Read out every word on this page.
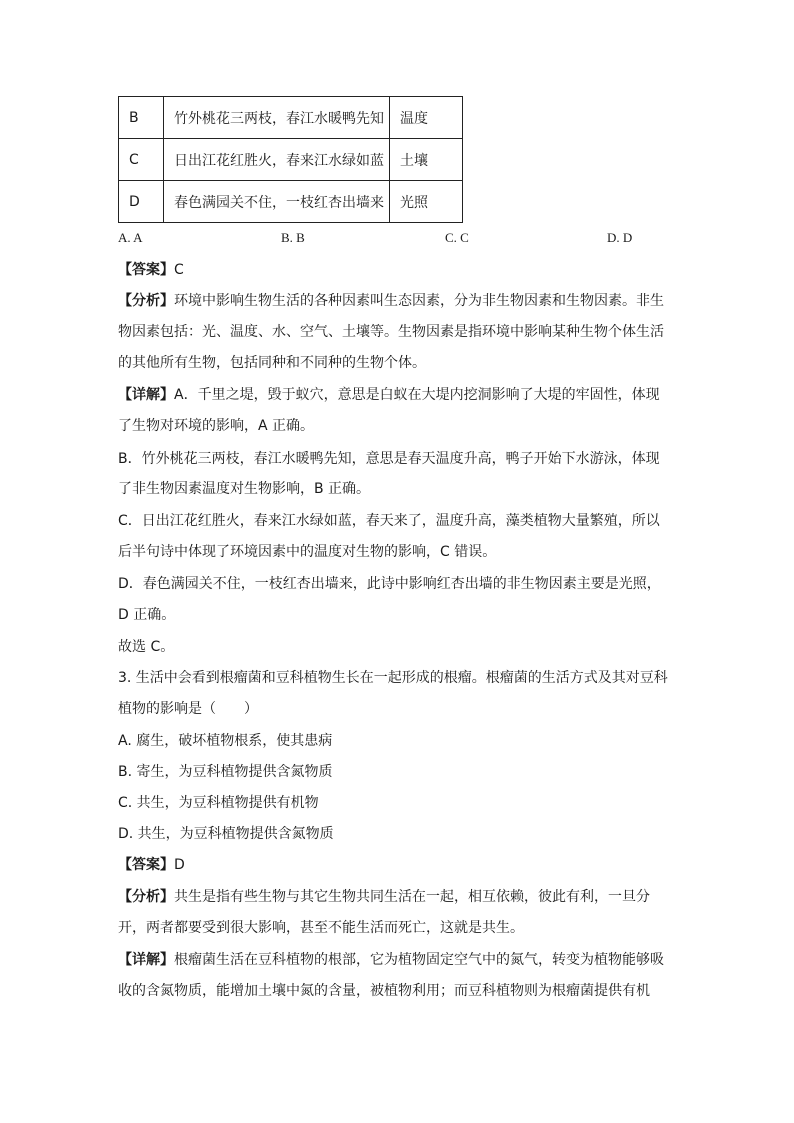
B	竹外桃花三两枝，春江水暖鸭先知	温度
C	日出江花红胜火，春来江水绿如蓝	土壤
D	春色满园关不住，一枝红杏出墙来	光照
A. A	B. B	C. C	D. D
【答案】C
【分析】环境中影响生物生活的各种因素叫生态因素，分为非生物因素和生物因素。非生
物因素包括：光、温度、水、空气、土壤等。生物因素是指环境中影响某种生物个体生活
的其他所有生物，包括同种和不同种的生物个体。
【详解】A．千里之堤，毁于蚁穴，意思是白蚁在大堤内挖洞影响了大堤的牢固性，体现
了生物对环境的影响，A 正确。
B．竹外桃花三两枝，春江水暖鸭先知，意思是春天温度升高，鸭子开始下水游泳，体现
了非生物因素温度对生物影响，B 正确。
C．日出江花红胜火，春来江水绿如蓝，春天来了，温度升高，藻类植物大量繁殖，所以
后半句诗中体现了环境因素中的温度对生物的影响，C 错误。
D．春色满园关不住，一枝红杏出墙来，此诗中影响红杏出墙的非生物因素主要是光照，
D 正确。
故选 C。
3. 生活中会看到根瘤菌和豆科植物生长在一起形成的根瘤。根瘤菌的生活方式及其对豆科
植物的影响是（　　）
A. 腐生，破坏植物根系，使其患病
B. 寄生，为豆科植物提供含氮物质
C. 共生，为豆科植物提供有机物
D. 共生，为豆科植物提供含氮物质
【答案】D
【分析】共生是指有些生物与其它生物共同生活在一起，相互依赖，彼此有利，一旦分
开，两者都要受到很大影响，甚至不能生活而死亡，这就是共生。
【详解】根瘤菌生活在豆科植物的根部，它为植物固定空气中的氮气，转变为植物能够吸
收的含氮物质，能增加土壤中氮的含量，被植物利用；而豆科植物则为根瘤菌提供有机
